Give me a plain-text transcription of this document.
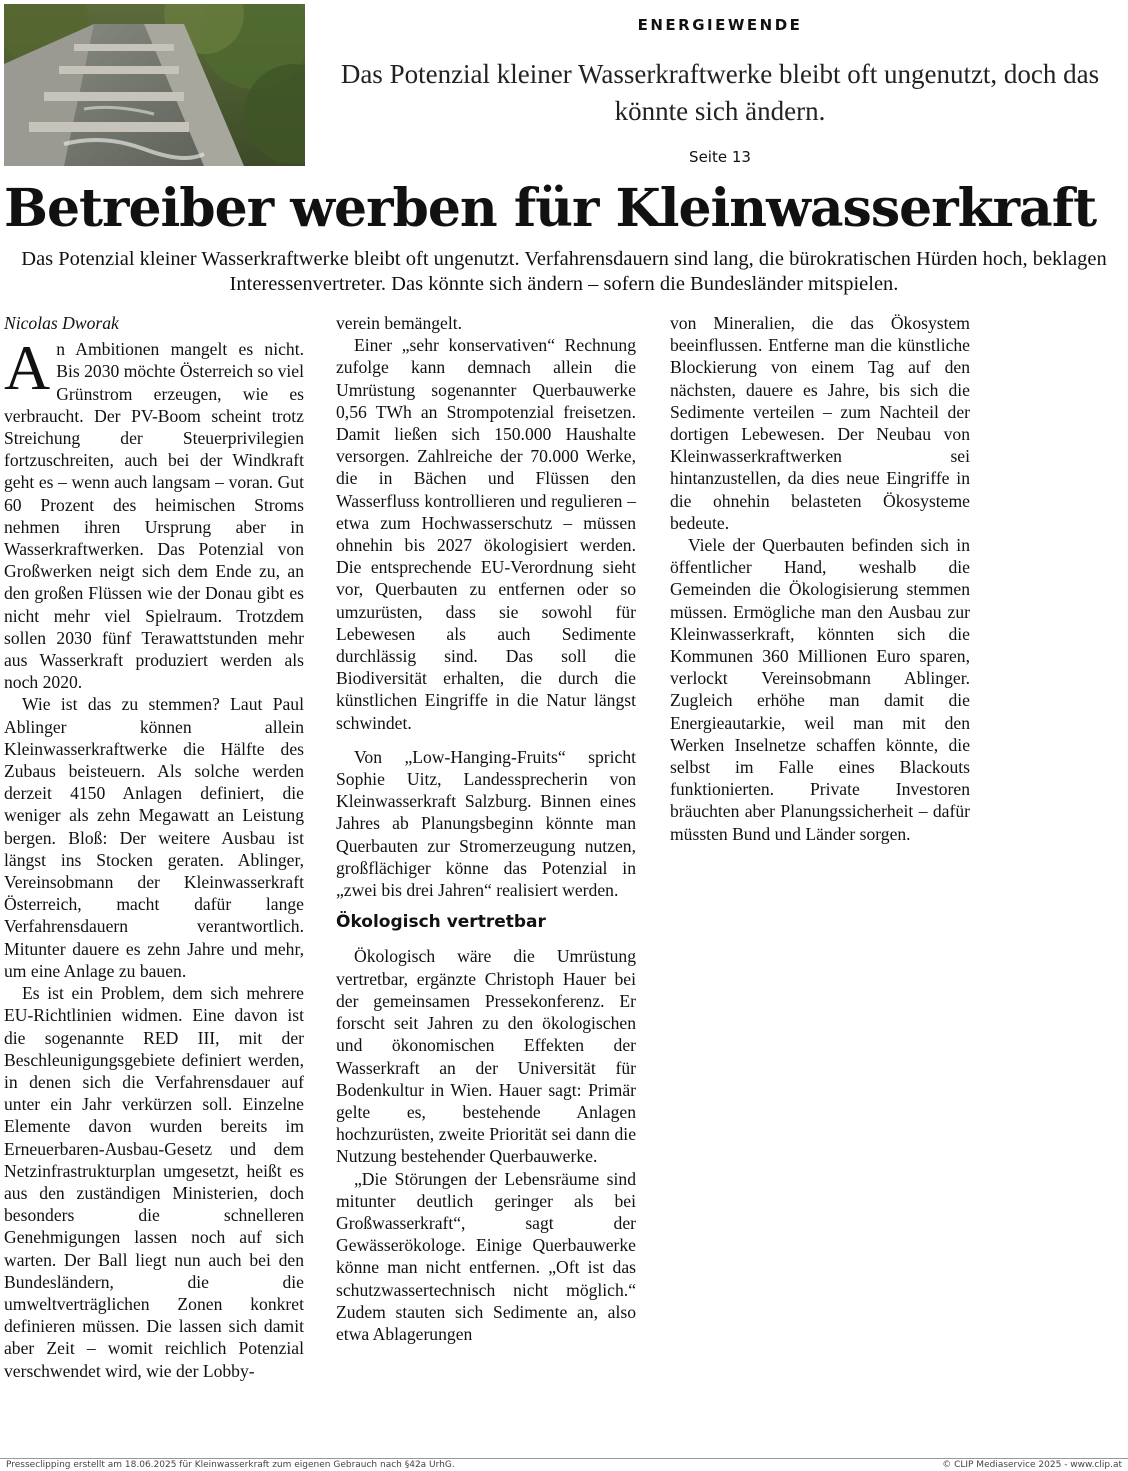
ENERGIEWENDE
Das Potenzial kleiner Wasserkraftwerke bleibt oft ungenutzt, doch das könnte sich ändern.
Seite 13
Betreiber werben für Kleinwasserkraft
Das Potenzial kleiner Wasserkraftwerke bleibt oft ungenutzt. Verfahrensdauern sind lang, die bürokratischen Hürden hoch, beklagen Interessenvertreter. Das könnte sich ändern – sofern die Bundesländer mitspielen.
Nicolas Dworak

An Ambitionen mangelt es nicht. Bis 2030 möchte Österreich so viel Grünstrom erzeugen, wie es verbraucht. Der PV-Boom scheint trotz Streichung der Steuerprivilegien fortzuschreiten, auch bei der Windkraft geht es – wenn auch langsam – voran. Gut 60 Prozent des heimischen Stroms nehmen ihren Ursprung aber in Wasserkraftwerken. Das Potenzial von Großwerken neigt sich dem Ende zu, an den großen Flüssen wie der Donau gibt es nicht mehr viel Spielraum. Trotzdem sollen 2030 fünf Terawattstunden mehr aus Wasserkraft produziert werden als noch 2020.

Wie ist das zu stemmen? Laut Paul Ablinger können allein Kleinwasserkraftwerke die Hälfte des Zubaus beisteuern. Als solche werden derzeit 4150 Anlagen definiert, die weniger als zehn Megawatt an Leistung bergen. Bloß: Der weitere Ausbau ist längst ins Stocken geraten. Ablinger, Vereinsobmann der Kleinwasserkraft Österreich, macht dafür lange Verfahrensdauern verantwortlich. Mitunter dauere es zehn Jahre und mehr, um eine Anlage zu bauen.

Es ist ein Problem, dem sich mehrere EU-Richtlinien widmen. Eine davon ist die sogenannte RED III, mit der Beschleunigungsgebiete definiert werden, in denen sich die Verfahrensdauer auf unter ein Jahr verkürzen soll. Einzelne Elemente davon wurden bereits im Erneuerbaren-Ausbau-Gesetz und dem Netzinfrastrukturplan umgesetzt, heißt es aus den zuständigen Ministerien, doch besonders die schnelleren Genehmigungen lassen noch auf sich warten. Der Ball liegt nun auch bei den Bundesländern, die die umweltverträglichen Zonen konkret definieren müssen. Die lassen sich damit aber Zeit – womit reichlich Potenzial verschwendet wird, wie der Lobby-

verein bemängelt.

Einer „sehr konservativen“ Rechnung zufolge kann demnach allein die Umrüstung sogenannter Querbauwerke 0,56 TWh an Strompotenzial freisetzen. Damit ließen sich 150.000 Haushalte versorgen. Zahlreiche der 70.000 Werke, die in Bächen und Flüssen den Wasserfluss kontrollieren und regulieren – etwa zum Hochwasserschutz – müssen ohnehin bis 2027 ökologisiert werden. Die entsprechende EU-Verordnung sieht vor, Querbauten zu entfernen oder so umzurüsten, dass sie sowohl für Lebewesen als auch Sedimente durchlässig sind. Das soll die Biodiversität erhalten, die durch die künstlichen Eingriffe in die Natur längst schwindet.

Von „Low-Hanging-Fruits“ spricht Sophie Uitz, Landessprecherin von Kleinwasserkraft Salzburg. Binnen eines Jahres ab Planungsbeginn könnte man Querbauten zur Stromerzeugung nutzen, großflächiger könne das Potenzial in „zwei bis drei Jahren“ realisiert werden.

Ökologisch vertretbar

Ökologisch wäre die Umrüstung vertretbar, ergänzte Christoph Hauer bei der gemeinsamen Pressekonferenz. Er forscht seit Jahren zu den ökologischen und ökonomischen Effekten der Wasserkraft an der Universität für Bodenkultur in Wien. Hauer sagt: Primär gelte es, bestehende Anlagen hochzurüsten, zweite Priorität sei dann die Nutzung bestehender Querbauwerke.

„Die Störungen der Lebensräume sind mitunter deutlich geringer als bei Großwasserkraft“, sagt der Gewässerökologe. Einige Querbauwerke könne man nicht entfernen. „Oft ist das schutzwassertechnisch nicht möglich.“ Zudem stauten sich Sedimente an, also etwa Ablagerungen

von Mineralien, die das Ökosystem beeinflussen. Entferne man die künstliche Blockierung von einem Tag auf den nächsten, dauere es Jahre, bis sich die Sedimente verteilen – zum Nachteil der dortigen Lebewesen. Der Neubau von Kleinwasserkraftwerken sei hintanzustellen, da dies neue Eingriffe in die ohnehin belasteten Ökosysteme bedeute.

Viele der Querbauten befinden sich in öffentlicher Hand, weshalb die Gemeinden die Ökologisierung stemmen müssen. Ermögliche man den Ausbau zur Kleinwasserkraft, könnten sich die Kommunen 360 Millionen Euro sparen, verlockt Vereinsobmann Ablinger. Zugleich erhöhe man damit die Energieautarkie, weil man mit den Werken Inselnetze schaffen könnte, die selbst im Falle eines Blackouts funktionierten. Private Investoren bräuchten aber Planungssicherheit – dafür müssten Bund und Länder sorgen.

Presseclipping erstellt am 18.06.2025 für Kleinwasserkraft zum eigenen Gebrauch nach §42a UrhG.	© CLIP Mediaservice 2025 - www.clip.at
